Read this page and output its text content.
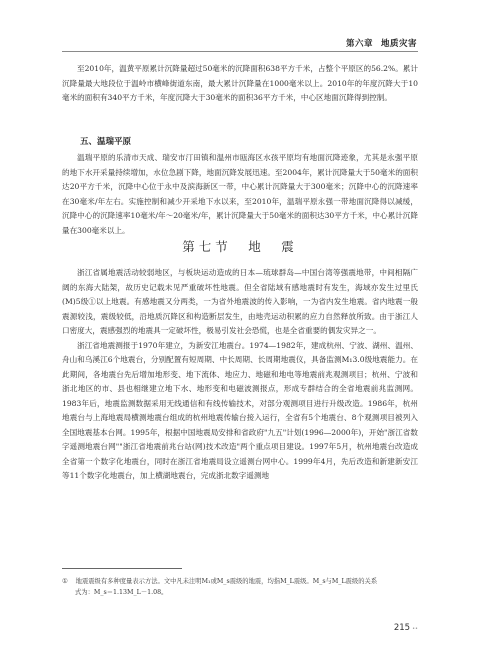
第六章 地质灾害

至2010年，温黄平原累计沉降量超过50毫米的沉降面积638平方千米，占整个平原区的56.2%。累计沉降量最大地段位于温岭市横峰街道东南，最大累计沉降量在1000毫米以上。2010年的年度沉降大于10毫米的面积有340平方千米，年度沉降大于30毫米的面积36平方千米，中心区地面沉降得到控制。

五、温瑞平原

温瑞平原的乐清市天成、瑞安市汀田镇和温州市瓯海区水孩平原均有地面沉降迹象，尤其是永强平原的地下水开采量持续增加，水位急剧下降，地面沉降发展迅速。至2004年，累计沉降量大于50毫米的面积达20平方千米，沉降中心位于永中及滨海新区一带，中心累计沉降量大于300毫米；沉降中心的沉降速率在30毫米/年左右。实施控制和减少开采地下水以来，至2010年，温瑞平原永强一带地面沉降得以减缓，沉降中心的沉降速率10毫米/年～20毫米/年，累计沉降量大于50毫米的面积达30平方千米，中心累计沉降量在300毫米以上。

第七节　地　震

浙江省属地震活动较弱地区，与板块运动造成的日本—琉球群岛—中国台湾等强震地带，中间相隔广阔的东海大陆架，故历史记载未见严重破坏性地震。但全省陆域有感地震时有发生，海域亦发生过里氏(M)5级①以上地震。有感地震又分两类，一为省外地震波的传入影响，一为省内发生地震。省内地震一般震源较浅，震级较低，沿地质沉降区和构造断层发生，由地壳运动积累的应力自然释放所致。由于浙江人口密度大，震感强烈的地震具一定破坏性，极易引发社会恐慌，也是全省重要的偶发灾异之一。

浙江省地震测报于1970年建立，为新安江地震台。1974—1982年，建成杭州、宁波、湖州、温州、舟山和乌溪江6个地震台，分别配置有短周期、中长周期、长周期地震仪，具备监测M₁3.0级地震能力。在此期间，各地震台先后增加地形变、地下流体、地应力、地磁和地电等地震前兆观测项目；杭州、宁波和浙北地区的市、县也相继建立地下水、地形变和电磁波测报点，形成专群结合的全省地震前兆监测网。1983年后，地震监测数据采用无线通信和有线传输技术，对部分观测项目进行升级改造。1986年，杭州地震台与上海地震局横测地震台组成的杭州地震传输台接入运行，全省有5个地震台、8个观测项目被列入全国地震基本台网。1995年，根据中国地震局安排和省政府"九五"计划(1996—2000年)，开始"浙江省数字遥测地震台网""浙江省地震前兆台站(网)技术改造"两个重点项目建设。1997年5月，杭州地震台改造成全省第一个数字化地震台，同时在浙江省地震局设立遥测台网中心。1999年4月，先后改造和新建新安江等11个数字化地震台，加上横湖地震台，完成浙北数字遥测地

① 地震震级有多种度量表示方法。文中凡未注明M₁或M_s震级的地震，均指M_L震级。M_s与M_L震级的关系
式为：M_s＝1.13M_L－1.08。
215 ••
